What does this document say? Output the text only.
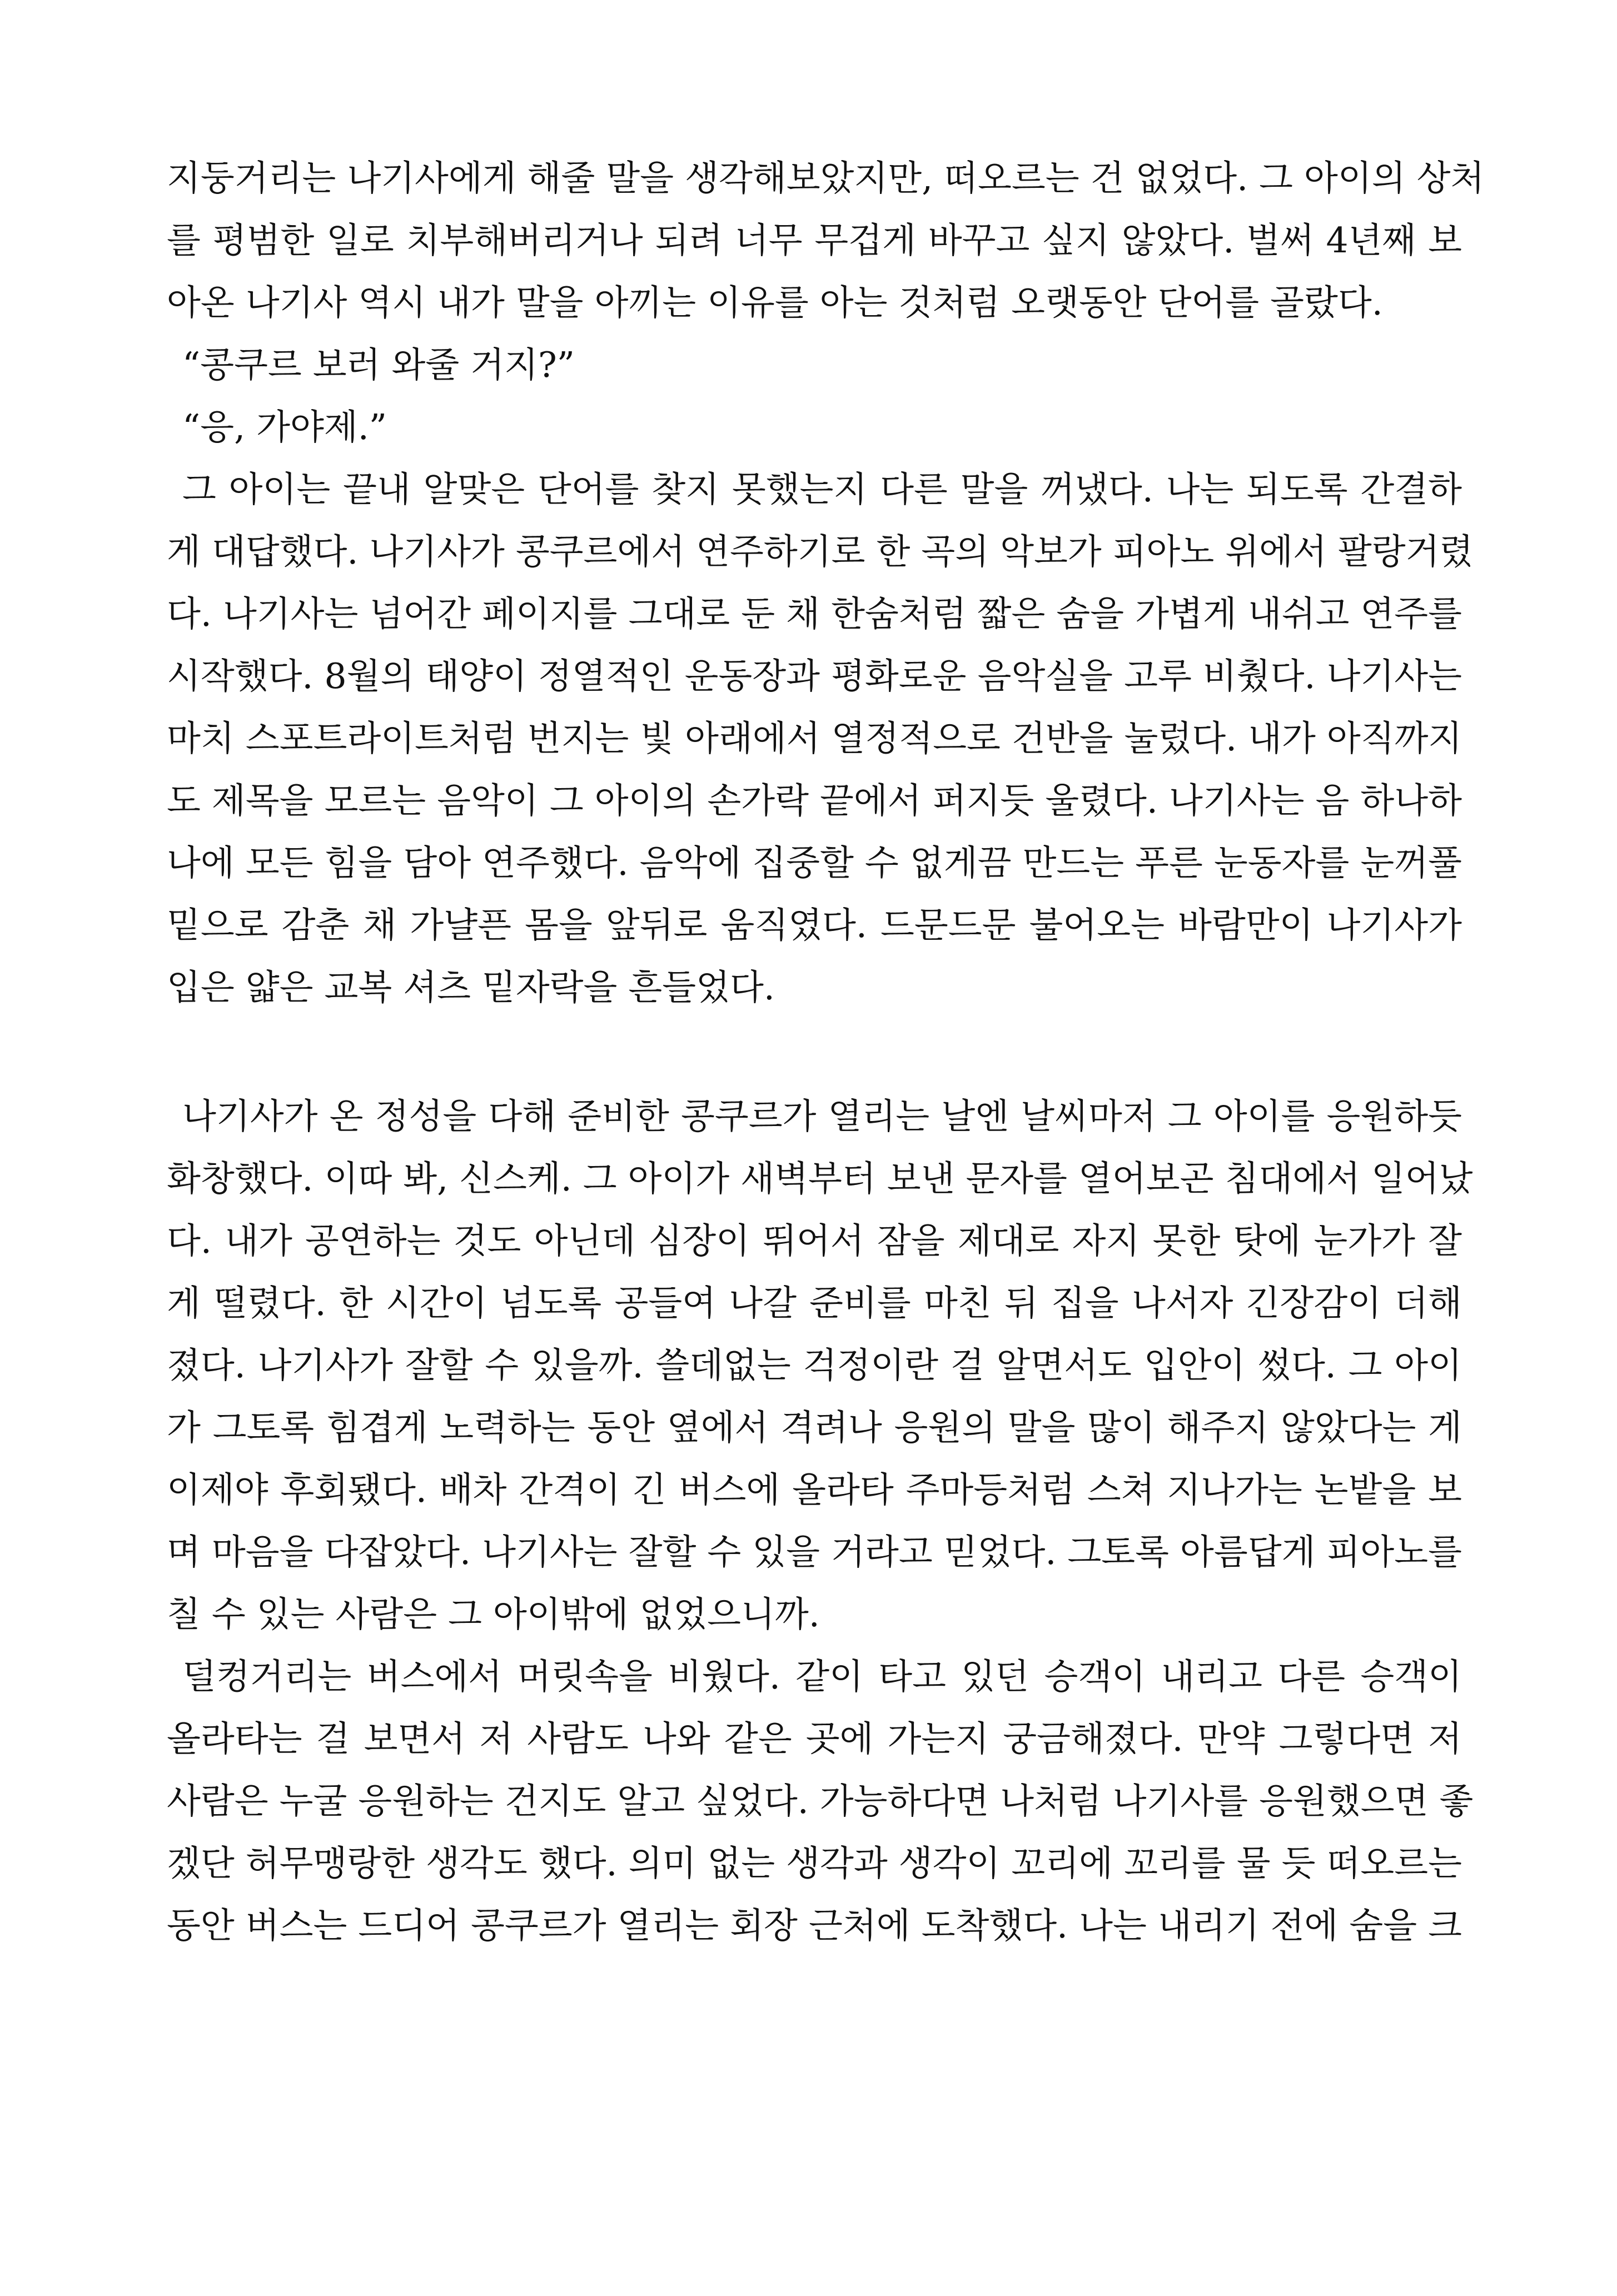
지둥거리는 나기사에게 해줄 말을 생각해보았지만, 떠오르는 건 없었다. 그 아이의 상처
를 평범한 일로 치부해버리거나 되려 너무 무겁게 바꾸고 싶지 않았다. 벌써 4년째 보
아온 나기사 역시 내가 말을 아끼는 이유를 아는 것처럼 오랫동안 단어를 골랐다.
“콩쿠르 보러 와줄 거지?”
“응, 가야제.”
그 아이는 끝내 알맞은 단어를 찾지 못했는지 다른 말을 꺼냈다. 나는 되도록 간결하
게 대답했다. 나기사가 콩쿠르에서 연주하기로 한 곡의 악보가 피아노 위에서 팔랑거렸
다. 나기사는 넘어간 페이지를 그대로 둔 채 한숨처럼 짧은 숨을 가볍게 내쉬고 연주를
시작했다. 8월의 태양이 정열적인 운동장과 평화로운 음악실을 고루 비췄다. 나기사는
마치 스포트라이트처럼 번지는 빛 아래에서 열정적으로 건반을 눌렀다. 내가 아직까지
도 제목을 모르는 음악이 그 아이의 손가락 끝에서 퍼지듯 울렸다. 나기사는 음 하나하
나에 모든 힘을 담아 연주했다. 음악에 집중할 수 없게끔 만드는 푸른 눈동자를 눈꺼풀
밑으로 감춘 채 가냘픈 몸을 앞뒤로 움직였다. 드문드문 불어오는 바람만이 나기사가
입은 얇은 교복 셔츠 밑자락을 흔들었다.
나기사가 온 정성을 다해 준비한 콩쿠르가 열리는 날엔 날씨마저 그 아이를 응원하듯
화창했다. 이따 봐, 신스케. 그 아이가 새벽부터 보낸 문자를 열어보곤 침대에서 일어났
다. 내가 공연하는 것도 아닌데 심장이 뛰어서 잠을 제대로 자지 못한 탓에 눈가가 잘
게 떨렸다. 한 시간이 넘도록 공들여 나갈 준비를 마친 뒤 집을 나서자 긴장감이 더해
졌다. 나기사가 잘할 수 있을까. 쓸데없는 걱정이란 걸 알면서도 입안이 썼다. 그 아이
가 그토록 힘겹게 노력하는 동안 옆에서 격려나 응원의 말을 많이 해주지 않았다는 게
이제야 후회됐다. 배차 간격이 긴 버스에 올라타 주마등처럼 스쳐 지나가는 논밭을 보
며 마음을 다잡았다. 나기사는 잘할 수 있을 거라고 믿었다. 그토록 아름답게 피아노를
칠 수 있는 사람은 그 아이밖에 없었으니까.
덜컹거리는 버스에서 머릿속을 비웠다. 같이 타고 있던 승객이 내리고 다른 승객이
올라타는 걸 보면서 저 사람도 나와 같은 곳에 가는지 궁금해졌다. 만약 그렇다면 저
사람은 누굴 응원하는 건지도 알고 싶었다. 가능하다면 나처럼 나기사를 응원했으면 좋
겠단 허무맹랑한 생각도 했다. 의미 없는 생각과 생각이 꼬리에 꼬리를 물 듯 떠오르는
동안 버스는 드디어 콩쿠르가 열리는 회장 근처에 도착했다. 나는 내리기 전에 숨을 크
